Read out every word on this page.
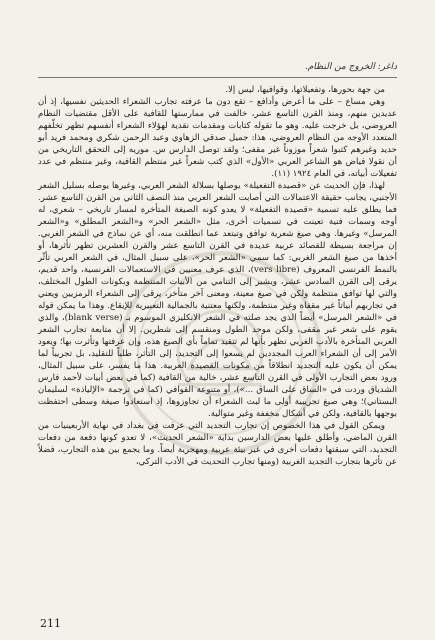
داغر: الخروج من النظام.

من جهة بحورها، وتفعيلاتها، وقوافيها، ليس إلا.

وهي مساع – على ما أعرض وأدافع – تقع دون ما عرفته تجارب الشعراء الحديثين نفسيها، إذ أن عديدين منهم، ومنذ القرن التاسع عشر، خالفت في ممارستها للقافية على الأقل مقتضيات النظام العروضي، بل خرجت عليه. وهو ما تقوله كتابات ومقدمات نقدية لهؤلاء الشعراء أنفسهم تظهر تخلّفهم المتعدد الأوجه من النظام العروضي، هذا: جميل صدقي الزهاوي وعبد الرحمن شكري ومحمد فريد أبو حديد وغيرهم كتبوا شعراً موزوناً غير مقفى؛ ولقد توصل الدارس س. موريه إلى التحقق التاريخي من أن نقولا فياض هو الشاعر العربي «الأول» الذي كتب شعراً غير منتظم القافية، وغير منتظم في عدد تفعيلات أبياته، في العام ١٩٢٤ (١١).

لهذا، فإن الحديث عن «قصيدة التفعيلة» يوصلها بسلالة الشعر العربي، وغيرها يوصله بسليل الشعر الأجنبي، يجانب حقيقة الاعتمالات التي أصابت الشعر العربي منذ النصف الثاني من القرن التاسع عشر. فما يطلق عليه تسمية «قصيدة التفعيلة» لا يعدو كونه الصيغة المتأخرة لمسار تاريخي – شعري، له أوجه وسمات فنية تعينت في تسميات أخرى، مثل «الشعر الحر» و«الشعر المطلق» و«الشعر المرسل» وغيرها. وهي صيغ شعرية توافق وتبتعد عما انطلقت منه، أي عن نماذج في الشعر الغربي. إن مراجعة بسيطة للقصائد عربية عديدة في القرن التاسع عشر والقرن العشرين تظهر تأثرها، أو أخذها من صيغ الشعر الغربي: كما سمي «الشعر الحر»، على سبيل المثال، في الشعر العربي تأثّر بالنمط الفرنسي المعروف (vers libre)، الذي عرف معنيين في الاستعمالات الفرنسية، واحد قديم، يرقى إلى القرن السادس عشر، ويشير إلى التنامي من الأبيات المنتظمة وبكونات الطول المختلف، والتي لها توافق منتظمة ولكن في صيغ معينة، ومعنى آخر متأخر، يرقى إلى الشعراء الرمزيين ويعني في تجاربهم أبياتاً غير مقفاة وغير منتظمة، ولكنها معتنية بالجمالية التعبيرية للإيقاع. وهذا ما يمكن قوله في «الشعر المرسل» أيضاً الذي يجد صلته في الشعر الانكليزي الموسوم بـ (blank verse)، والذي يقوم على شعر غير مقفى، ولكن موحد الطول ومنقسم إلى شطرين. إلا أن متابعة تجارب الشعر العربي المتأخرة بالأدب الغربي تظهر بأنها لم تتقيد تماماً بأي الصيغ هذه، وإن عرفتها وتأثرت بها؛ ويعود الأمر إلى أن الشعراء العرب المجددين لم يسعوا إلى التجديد، إلى التأثر، طلباً للتقليد، بل تجريباً لما يمكن أن يكون عليه التجديد انطلاقاً من مكونات القصيدة العربية. هذا ما يفسر، على سبيل المثال، ورود بعض التجارب الأولى في القرن التاسع عشر، خالية من القافية (كما في بعض أبيات لأحمد فارس الشدياق وردت في «الساق على الساق ...»)، أو متنوعة القوافي (كما في ترجمة «الإلياذة» لسليمان البستاني)؛ وهي صيغ تجريبية أولى ما لبث الشعراء أن تجاوزوها، إذ استعادوا صيغة وسطى احتفظت بوجهها بالقافية، ولكن في أشكال مخففة وغير متوالية.

ويمكن القول في هذا الخصوص إن تجارب التجديد التي عرفت في بغداد في نهاية الأربعينيات من القرن الماضي، وأطلق عليها بعض الدارسين بداية «الشعر الحديث»، لا تعدو كونها دفعة من دفعات التجديد، التي سبقتها دفعات أخرى في غير بيئة عربية ومهجرية أيضاً. وما يجمع بين هذه التجارب، فضلاً عن تأثرها بتجارب التجديد الغربية (ومنها تجارب التحديث في الأدب التركي،

211
